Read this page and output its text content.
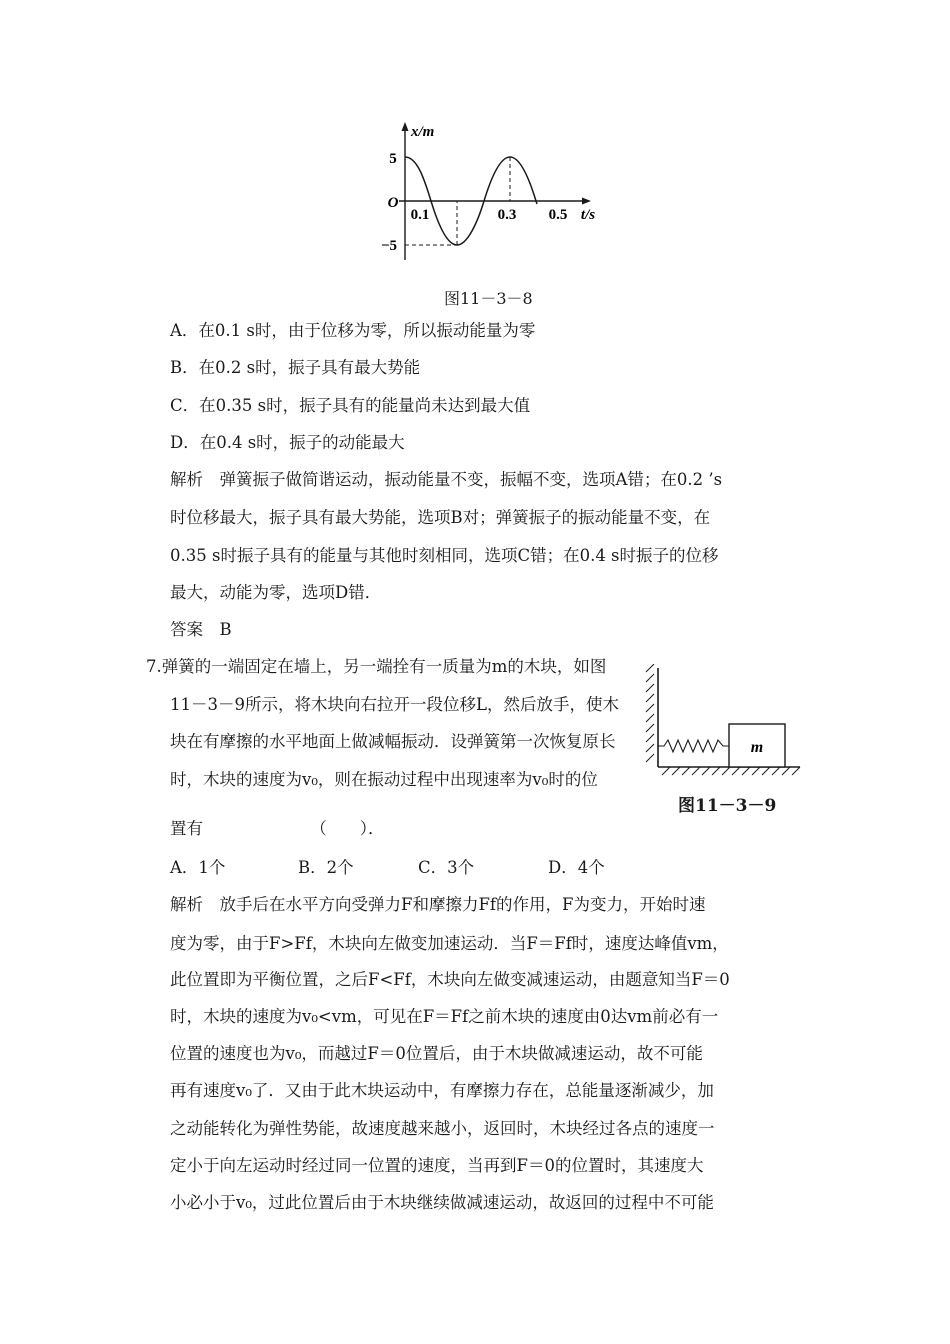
x/m
5
O
−5
0.1	0.3 0.5 t/s
图11－3－8
A．在0.1 s时，由于位移为零，所以振动能量为零
B．在0.2 s时，振子具有最大势能
C．在0.35 s时，振子具有的能量尚未达到最大值
D．在0.4 s时，振子的动能最大
解析　弹簧振子做简谐运动，振动能量不变，振幅不变，选项A错；在0.2 ’s
时位移最大，振子具有最大势能，选项B对；弹簧振子的振动能量不变，在
0.35 s时振子具有的能量与其他时刻相同，选项C错；在0.4 s时振子的位移
最大，动能为零，选项D错．
答案　B
7.弹簧的一端固定在墙上，另一端拴有一质量为m的木块，如图
11－3－9所示，将木块向右拉开一段位移L，然后放手，使木
块在有摩擦的水平地面上做减幅振动．设弹簧第一次恢复原长
时，木块的速度为v₀，则在振动过程中出现速率为v₀时的位
置有　　　　　　　（　　）．
m
图11－3－9
A．1个	B．2个	C．3个	D．4个
解析　放手后在水平方向受弹力F和摩擦力Ff的作用，F为变力，开始时速
度为零，由于F>Ff，木块向左做变加速运动．当F＝Ff时，速度达峰值vm，
此位置即为平衡位置，之后F<Ff，木块向左做变减速运动，由题意知当F＝0
时，木块的速度为v₀<vm，可见在F＝Ff之前木块的速度由0达vm前必有一
位置的速度也为v₀，而越过F＝0位置后，由于木块做减速运动，故不可能
再有速度v₀了．又由于此木块运动中，有摩擦力存在，总能量逐渐减少，加
之动能转化为弹性势能，故速度越来越小，返回时，木块经过各点的速度一
定小于向左运动时经过同一位置的速度，当再到F＝0的位置时，其速度大
小必小于v₀，过此位置后由于木块继续做减速运动，故返回的过程中不可能
